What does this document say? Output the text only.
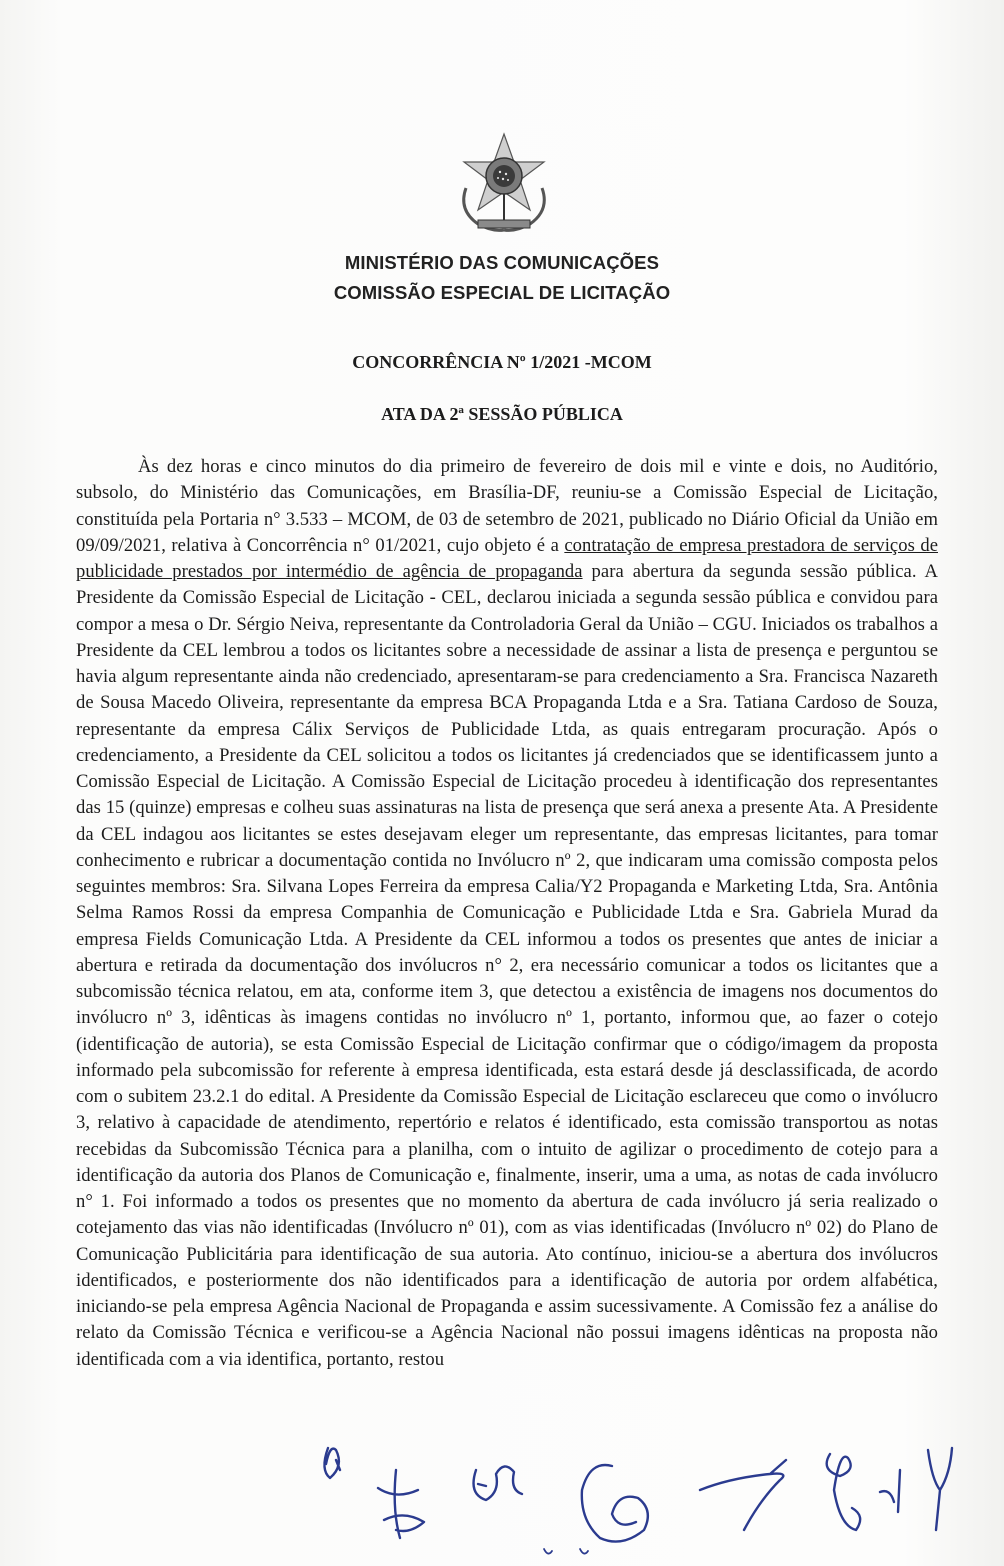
MINISTÉRIO DAS COMUNICAÇÕES
COMISSÃO ESPECIAL DE LICITAÇÃO
CONCORRÊNCIA Nº 1/2021 -MCOM
ATA DA 2ª SESSÃO PÚBLICA

Às dez horas e cinco minutos do dia primeiro de fevereiro de dois mil e vinte e dois, no Auditório, subsolo, do Ministério das Comunicações, em Brasília-DF, reuniu-se a Comissão Especial de Licitação, constituída pela Portaria n° 3.533 – MCOM, de 03 de setembro de 2021, publicado no Diário Oficial da União em 09/09/2021, relativa à Concorrência n° 01/2021, cujo objeto é a contratação de empresa prestadora de serviços de publicidade prestados por intermédio de agência de propaganda para abertura da segunda sessão pública. A Presidente da Comissão Especial de Licitação - CEL, declarou iniciada a segunda sessão pública e convidou para compor a mesa o Dr. Sérgio Neiva, representante da Controladoria Geral da União – CGU. Iniciados os trabalhos a Presidente da CEL lembrou a todos os licitantes sobre a necessidade de assinar a lista de presença e perguntou se havia algum representante ainda não credenciado, apresentaram-se para credenciamento a Sra. Francisca Nazareth de Sousa Macedo Oliveira, representante da empresa BCA Propaganda Ltda e a Sra. Tatiana Cardoso de Souza, representante da empresa Cálix Serviços de Publicidade Ltda, as quais entregaram procuração. Após o credenciamento, a Presidente da CEL solicitou a todos os licitantes já credenciados que se identificassem junto a Comissão Especial de Licitação. A Comissão Especial de Licitação procedeu à identificação dos representantes das 15 (quinze) empresas e colheu suas assinaturas na lista de presença que será anexa a presente Ata. A Presidente da CEL indagou aos licitantes se estes desejavam eleger um representante, das empresas licitantes, para tomar conhecimento e rubricar a documentação contida no Invólucro nº 2, que indicaram uma comissão composta pelos seguintes membros: Sra. Silvana Lopes Ferreira da empresa Calia/Y2 Propaganda e Marketing Ltda, Sra. Antônia Selma Ramos Rossi da empresa Companhia de Comunicação e Publicidade Ltda e Sra. Gabriela Murad da empresa Fields Comunicação Ltda. A Presidente da CEL informou a todos os presentes que antes de iniciar a abertura e retirada da documentação dos invólucros n° 2, era necessário comunicar a todos os licitantes que a subcomissão técnica relatou, em ata, conforme item 3, que detectou a existência de imagens nos documentos do invólucro nº 3, idênticas às imagens contidas no invólucro nº 1, portanto, informou que, ao fazer o cotejo (identificação de autoria), se esta Comissão Especial de Licitação confirmar que o código/imagem da proposta informado pela subcomissão for referente à empresa identificada, esta estará desde já desclassificada, de acordo com o subitem 23.2.1 do edital. A Presidente da Comissão Especial de Licitação esclareceu que como o invólucro 3, relativo à capacidade de atendimento, repertório e relatos é identificado, esta comissão transportou as notas recebidas da Subcomissão Técnica para a planilha, com o intuito de agilizar o procedimento de cotejo para a identificação da autoria dos Planos de Comunicação e, finalmente, inserir, uma a uma, as notas de cada invólucro n° 1. Foi informado a todos os presentes que no momento da abertura de cada invólucro já seria realizado o cotejamento das vias não identificadas (Invólucro nº 01), com as vias identificadas (Invólucro nº 02) do Plano de Comunicação Publicitária para identificação de sua autoria. Ato contínuo, iniciou-se a abertura dos invólucros identificados, e posteriormente dos não identificados para a identificação de autoria por ordem alfabética, iniciando-se pela empresa Agência Nacional de Propaganda e assim sucessivamente. A Comissão fez a análise do relato da Comissão Técnica e verificou-se a Agência Nacional não possui imagens idênticas na proposta não identificada com a via identifica, portanto, restou
